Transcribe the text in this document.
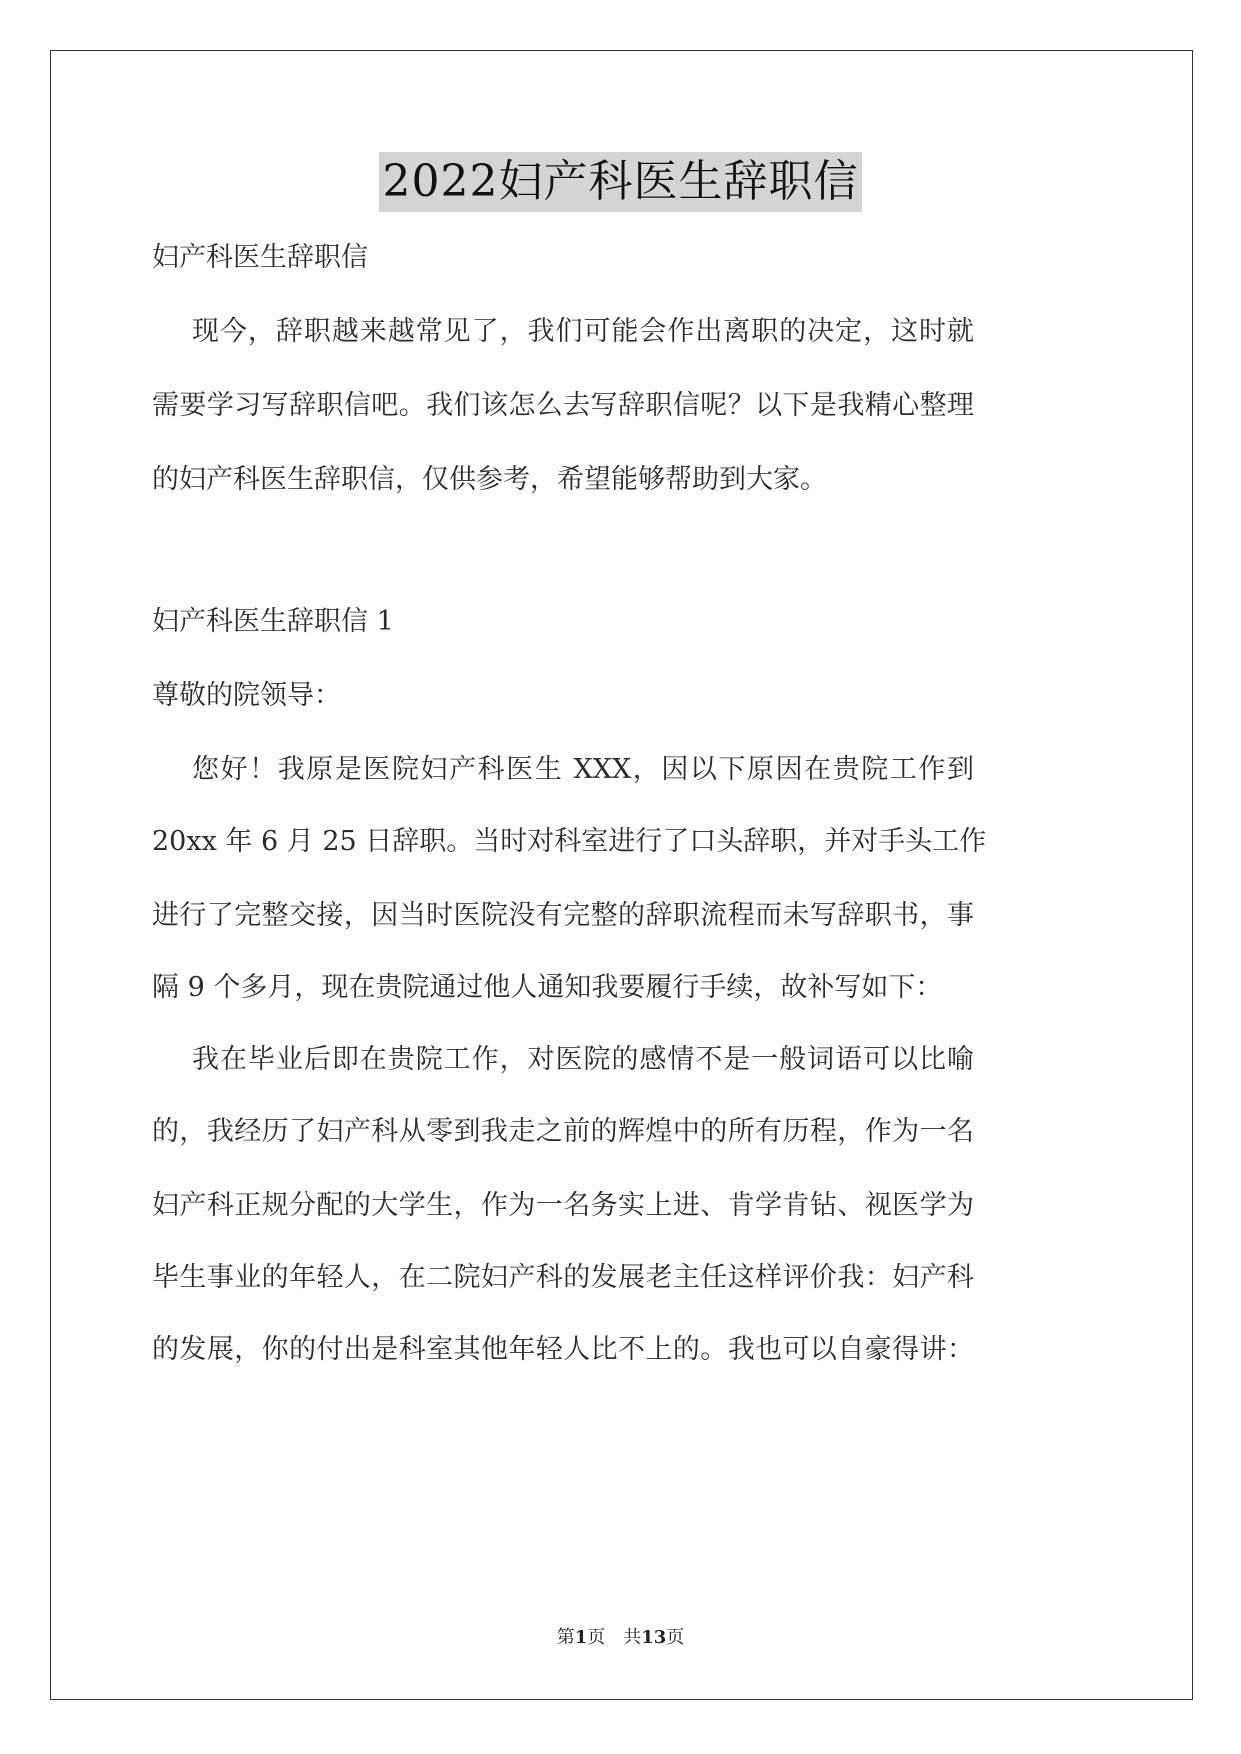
2022妇产科医生辞职信
妇产科医生辞职信
现今，辞职越来越常见了，我们可能会作出离职的决定，这时就
需要学习写辞职信吧。我们该怎么去写辞职信呢？以下是我精心整理
的妇产科医生辞职信，仅供参考，希望能够帮助到大家。
妇产科医生辞职信 1
尊敬的院领导：
您好！我原是医院妇产科医生 XXX，因以下原因在贵院工作到
20xx 年 6 月 25 日辞职。当时对科室进行了口头辞职，并对手头工作
进行了完整交接，因当时医院没有完整的辞职流程而未写辞职书，事
隔 9 个多月，现在贵院通过他人通知我要履行手续，故补写如下：
我在毕业后即在贵院工作，对医院的感情不是一般词语可以比喻
的，我经历了妇产科从零到我走之前的辉煌中的所有历程，作为一名
妇产科正规分配的大学生，作为一名务实上进、肯学肯钻、视医学为
毕生事业的年轻人，在二院妇产科的发展老主任这样评价我：妇产科
的发展，你的付出是科室其他年轻人比不上的。我也可以自豪得讲：
第1页　共13页
